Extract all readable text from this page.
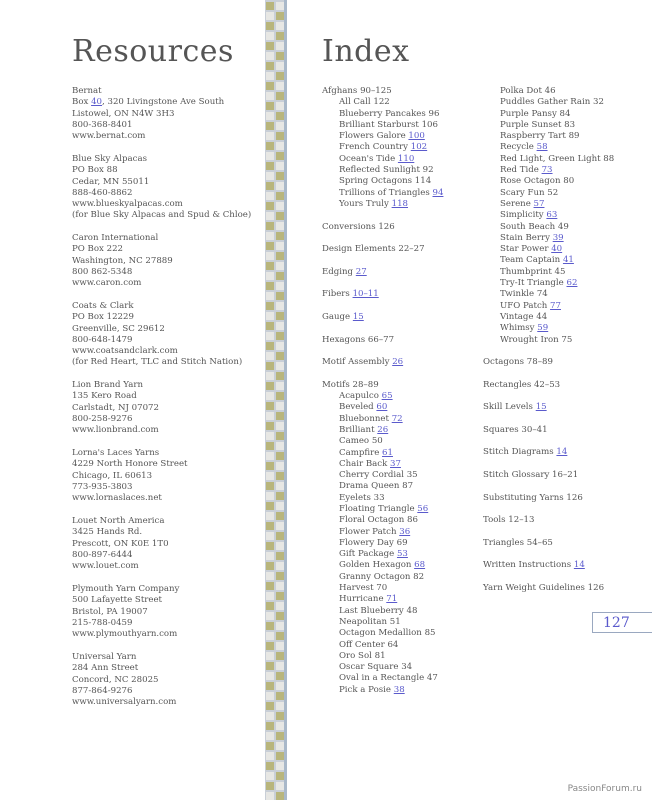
Resources	Index
Bernat
Box 40, 320 Livingstone Ave South
Listowel, ON N4W 3H3
800-368-8401
www.bernat.com
Blue Sky Alpacas
PO Box 88
Cedar, MN 55011
888-460-8862
www.blueskyalpacas.com
(for Blue Sky Alpacas and Spud & Chloe)
Caron International
PO Box 222
Washington, NC 27889
800 862-5348
www.caron.com
Coats & Clark
PO Box 12229
Greenville, SC 29612
800-648-1479
www.coatsandclark.com
(for Red Heart, TLC and Stitch Nation)
Lion Brand Yarn
135 Kero Road
Carlstadt, NJ 07072
800-258-9276
www.lionbrand.com
Lorna's Laces Yarns
4229 North Honore Street
Chicago, IL 60613
773-935-3803
www.lornaslaces.net
Louet North America
3425 Hands Rd.
Prescott, ON K0E 1T0
800-897-6444
www.louet.com
Plymouth Yarn Company
500 Lafayette Street
Bristol, PA 19007
215-788-0459
www.plymouthyarn.com
Universal Yarn
284 Ann Street
Concord, NC 28025
877-864-9276
www.universalyarn.com
Afghans 90–125
All Call 122
Blueberry Pancakes 96
Brilliant Starburst 106
Flowers Galore 100
French Country 102
Ocean's Tide 110
Reflected Sunlight 92
Spring Octagons 114
Trillions of Triangles 94
Yours Truly 118
Conversions 126
Design Elements 22–27
Edging 27
Fibers 10–11
Gauge 15
Hexagons 66–77
Motif Assembly 26
Motifs 28–89
Acapulco 65
Beveled 60
Bluebonnet 72
Brilliant 26
Cameo 50
Campfire 61
Chair Back 37
Cherry Cordial 35
Drama Queen 87
Eyelets 33
Floating Triangle 56
Floral Octagon 86
Flower Patch 36
Flowery Day 69
Gift Package 53
Golden Hexagon 68
Granny Octagon 82
Harvest 70
Hurricane 71
Last Blueberry 48
Neapolitan 51
Octagon Medallion 85
Off Center 64
Oro Sol 81
Oscar Square 34
Oval in a Rectangle 47
Pick a Posie 38
Polka Dot 46
Puddles Gather Rain 32
Purple Pansy 84
Purple Sunset 83
Raspberry Tart 89
Recycle 58
Red Light, Green Light 88
Red Tide 73
Rose Octagon 80
Scary Fun 52
Serene 57
Simplicity 63
South Beach 49
Stain Berry 39
Star Power 40
Team Captain 41
Thumbprint 45
Try-It Triangle 62
Twinkle 74
UFO Patch 77
Vintage 44
Whimsy 59
Wrought Iron 75
Octagons 78–89
Rectangles 42–53
Skill Levels 15
Squares 30–41
Stitch Diagrams 14
Stitch Glossary 16–21
Substituting Yarns 126
Tools 12–13
Triangles 54–65
Written Instructions 14
Yarn Weight Guidelines 126
127
PassionForum.ru
